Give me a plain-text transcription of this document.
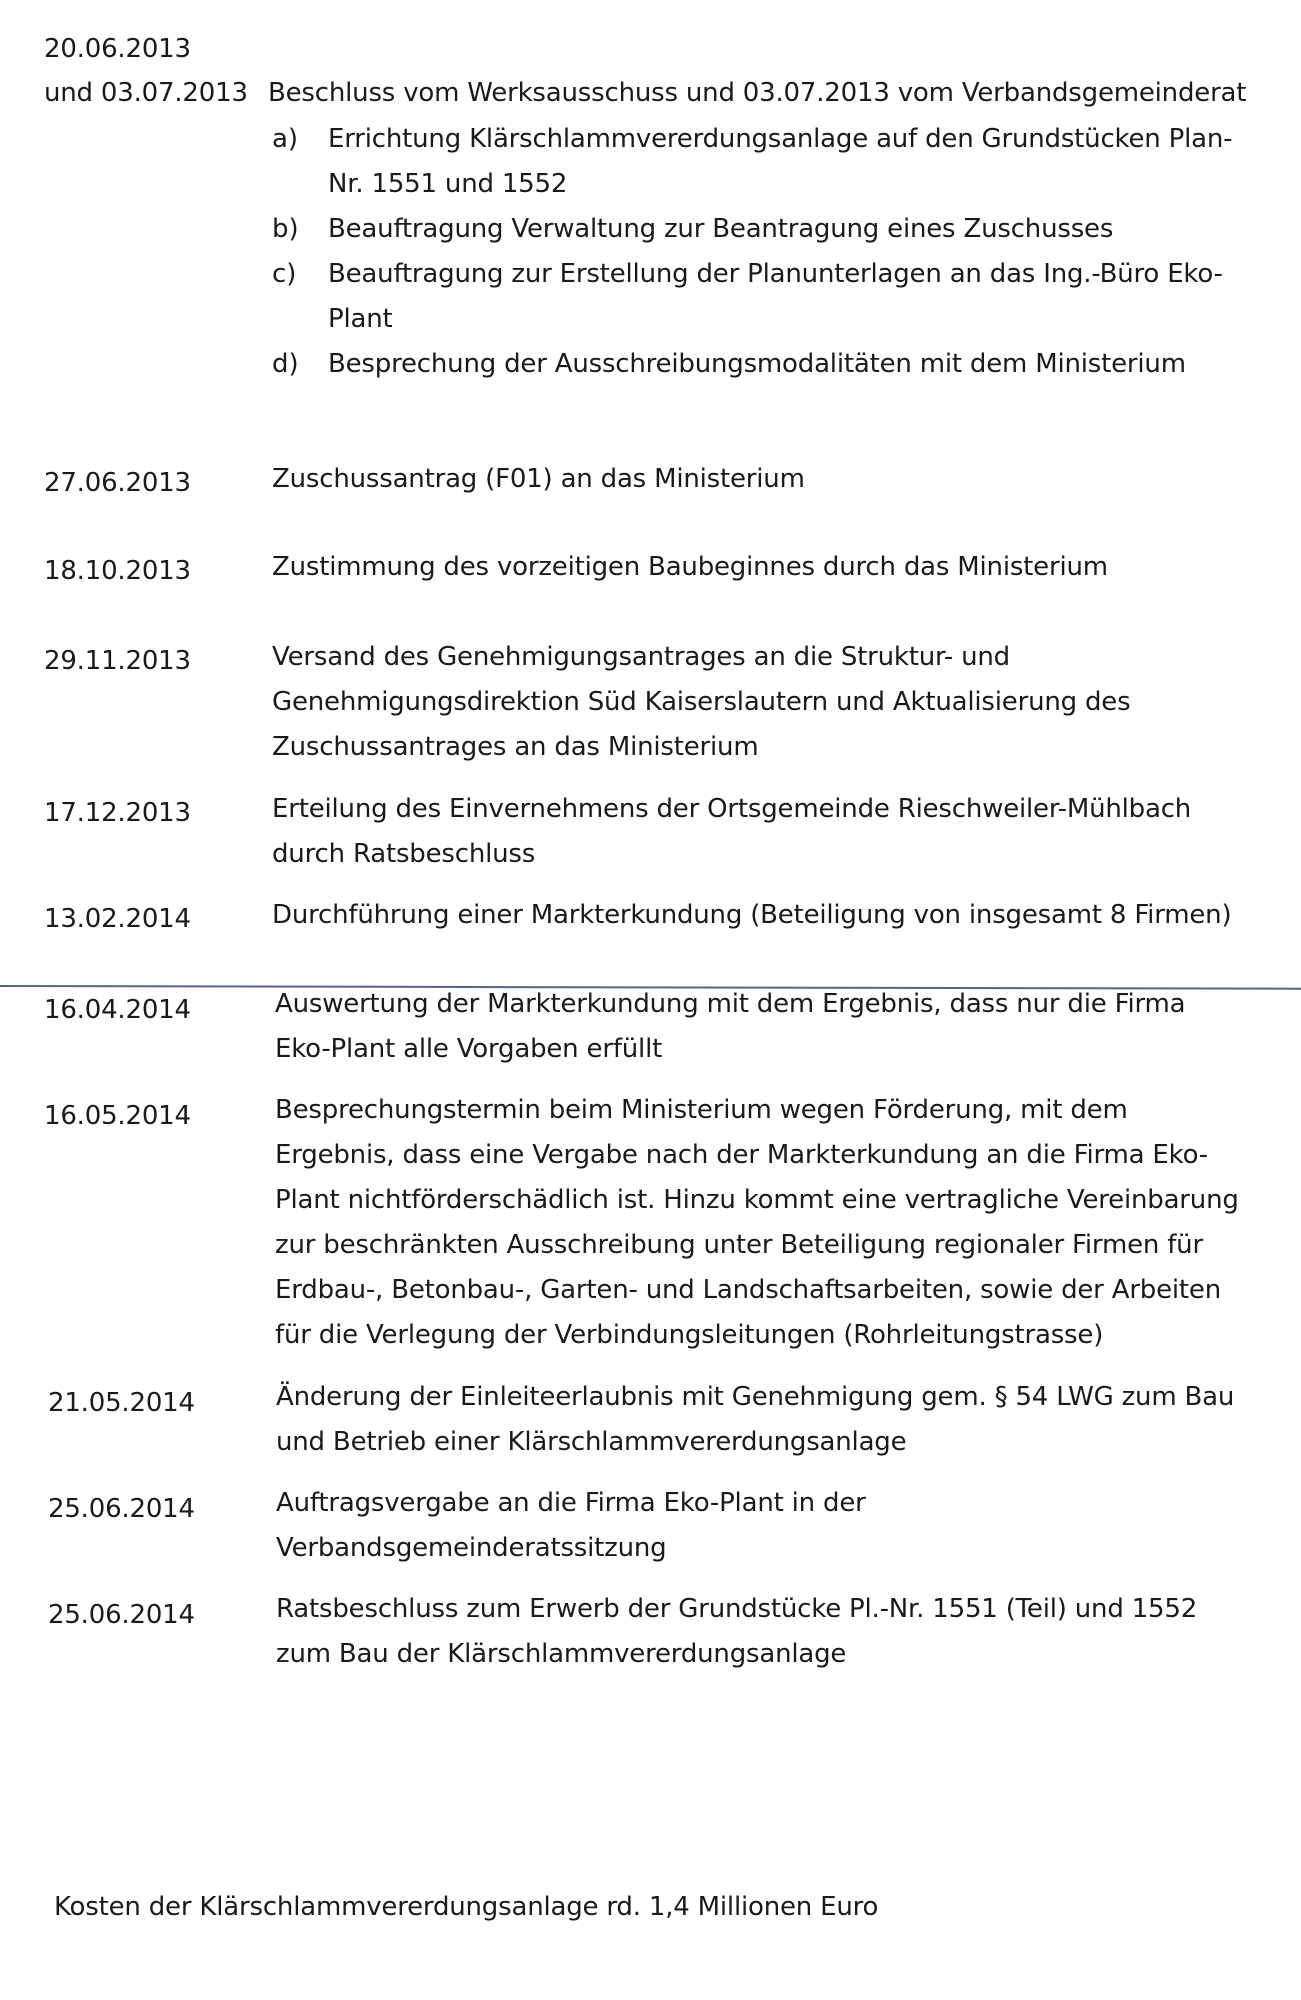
20.06.2013
und 03.07.2013 Beschluss vom Werksausschuss und 03.07.2013 vom Verbandsgemeinderat
a)	Errichtung Klärschlammvererdungsanlage auf den Grundstücken Plan-
Nr. 1551 und 1552
b)	Beauftragung Verwaltung zur Beantragung eines Zuschusses
c)	Beauftragung zur Erstellung der Planunterlagen an das Ing.-Büro Eko-
Plant
d)	Besprechung der Ausschreibungsmodalitäten mit dem Ministerium
27.06.2013	Zuschussantrag (F01) an das Ministerium
18.10.2013	Zustimmung des vorzeitigen Baubeginnes durch das Ministerium
29.11.2013	Versand des Genehmigungsantrages an die Struktur- und
Genehmigungsdirektion Süd Kaiserslautern und Aktualisierung des
Zuschussantrages an das Ministerium
17.12.2013	Erteilung des Einvernehmens der Ortsgemeinde Rieschweiler-Mühlbach
durch Ratsbeschluss
13.02.2014	Durchführung einer Markterkundung (Beteiligung von insgesamt 8 Firmen)
16.04.2014	Auswertung der Markterkundung mit dem Ergebnis, dass nur die Firma
Eko-Plant alle Vorgaben erfüllt
16.05.2014	Besprechungstermin beim Ministerium wegen Förderung, mit dem
Ergebnis, dass eine Vergabe nach der Markterkundung an die Firma Eko-
Plant nichtförderschädlich ist. Hinzu kommt eine vertragliche Vereinbarung
zur beschränkten Ausschreibung unter Beteiligung regionaler Firmen für
Erdbau-, Betonbau-, Garten- und Landschaftsarbeiten, sowie der Arbeiten
für die Verlegung der Verbindungsleitungen (Rohrleitungstrasse)
21.05.2014	Änderung der Einleiteerlaubnis mit Genehmigung gem. § 54 LWG zum Bau
und Betrieb einer Klärschlammvererdungsanlage
25.06.2014	Auftragsvergabe an die Firma Eko-Plant in der
Verbandsgemeinderatssitzung
25.06.2014	Ratsbeschluss zum Erwerb der Grundstücke Pl.-Nr. 1551 (Teil) und 1552
zum Bau der Klärschlammvererdungsanlage
Kosten der Klärschlammvererdungsanlage rd. 1,4 Millionen Euro
